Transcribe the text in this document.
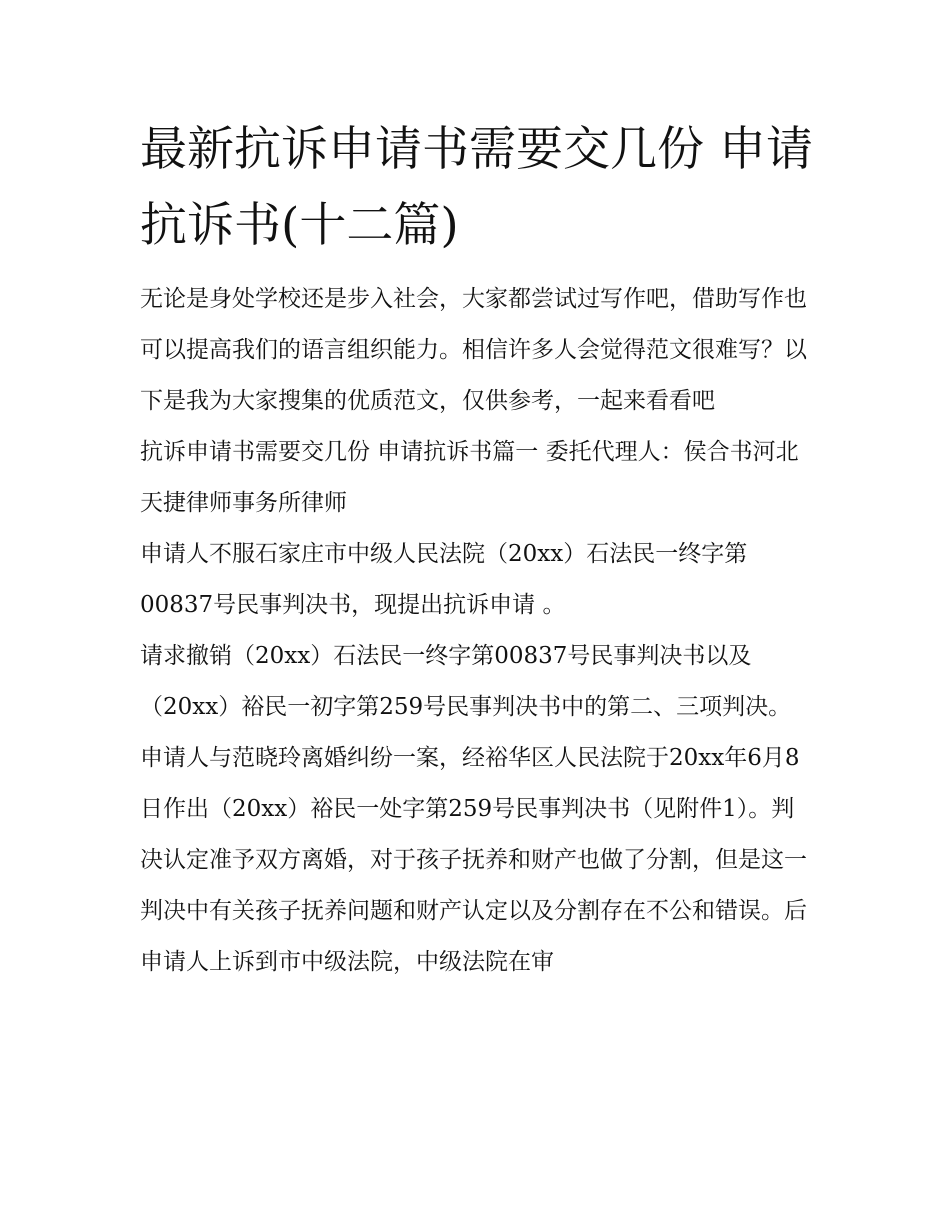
最新抗诉申请书需要交几份 申请抗诉书(十二篇)

无论是身处学校还是步入社会，大家都尝试过写作吧，借助写作也可以提高我们的语言组织能力。相信许多人会觉得范文很难写？以下是我为大家搜集的优质范文，仅供参考，一起来看看吧

抗诉申请书需要交几份 申请抗诉书篇一 委托代理人：侯合书河北天捷律师事务所律师

申请人不服石家庄市中级人民法院（20xx）石法民一终字第00837号民事判决书，现提出抗诉申请 。

请求撤销（20xx）石法民一终字第00837号民事判决书以及（20xx）裕民一初字第259号民事判决书中的第二、三项判决。

申请人与范晓玲离婚纠纷一案，经裕华区人民法院于20xx年6月8日作出（20xx）裕民一处字第259号民事判决书（见附件1）。判决认定准予双方离婚，对于孩子抚养和财产也做了分割，但是这一判决中有关孩子抚养问题和财产认定以及分割存在不公和错误。后申请人上诉到市中级法院，中级法院在审
